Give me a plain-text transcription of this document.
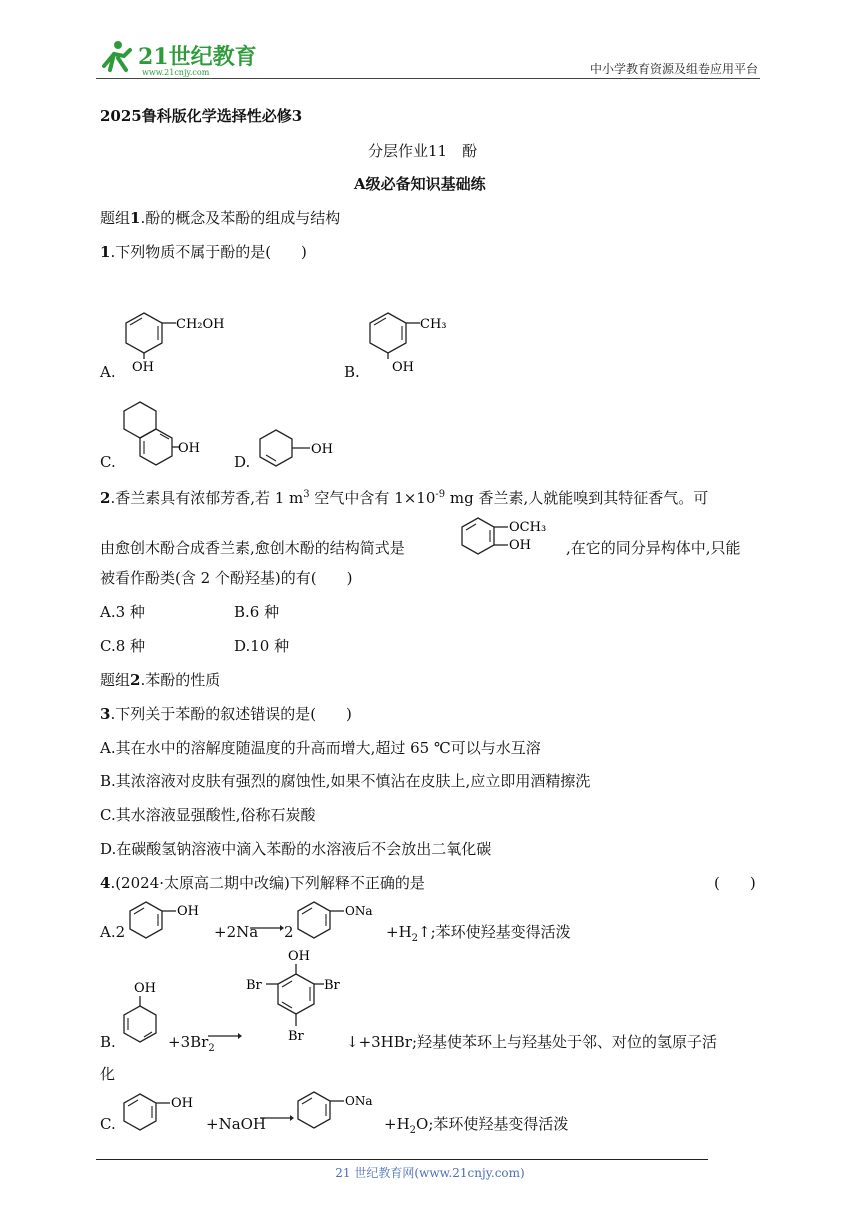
21世纪教育
www.21cnjy.com	中小学教育资源及组卷应用平台
2025鲁科版化学选择性必修3
分层作业11　酚
A级必备知识基础练
题组1.酚的概念及苯酚的组成与结构
1.下列物质不属于酚的是(　　)
A.
CH₂OH
OH	B.
CH₃
OH
C.
OH
D.
OH
2.香兰素具有浓郁芳香,若 1 $m^3$ 空气中含有 $1\times 10^{-9}$ mg 香兰素,人就能嗅到其特征香气。可
由愈创木酚合成香兰素,愈创木酚的结构简式是
OCH₃
OH ,在它的同分异构体中,只能
被看作酚类(含 2 个酚羟基)的有(　　)
A.3 种	B.6 种
C.8 种	D.10 种
题组2.苯酚的性质
3.下列关于苯酚的叙述错误的是(　　)
A.其在水中的溶解度随温度的升高而增大,超过 65 ℃可以与水互溶
B.其浓溶液对皮肤有强烈的腐蚀性,如果不慎沾在皮肤上,应立即用酒精擦洗
C.其水溶液显强酸性,俗称石炭酸
D.在碳酸氢钠溶液中滴入苯酚的水溶液后不会放出二氧化碳
4.(2024·太原高二期中改编)下列解释不正确的是	(　　)
A.2
OH
+2Na → 2
ONa
$+H_2↑$;苯环使羟基变得活泼
B.
OH
$+3Br_2$
OH
Br	Br
Br	↓+3HBr;羟基使苯环上与羟基处于邻、对位的氢原子活
化
C.
OH
+NaOH
ONa
$+H_2O$;苯环使羟基变得活泼
21 世纪教育网(www.21cnjy.com)
